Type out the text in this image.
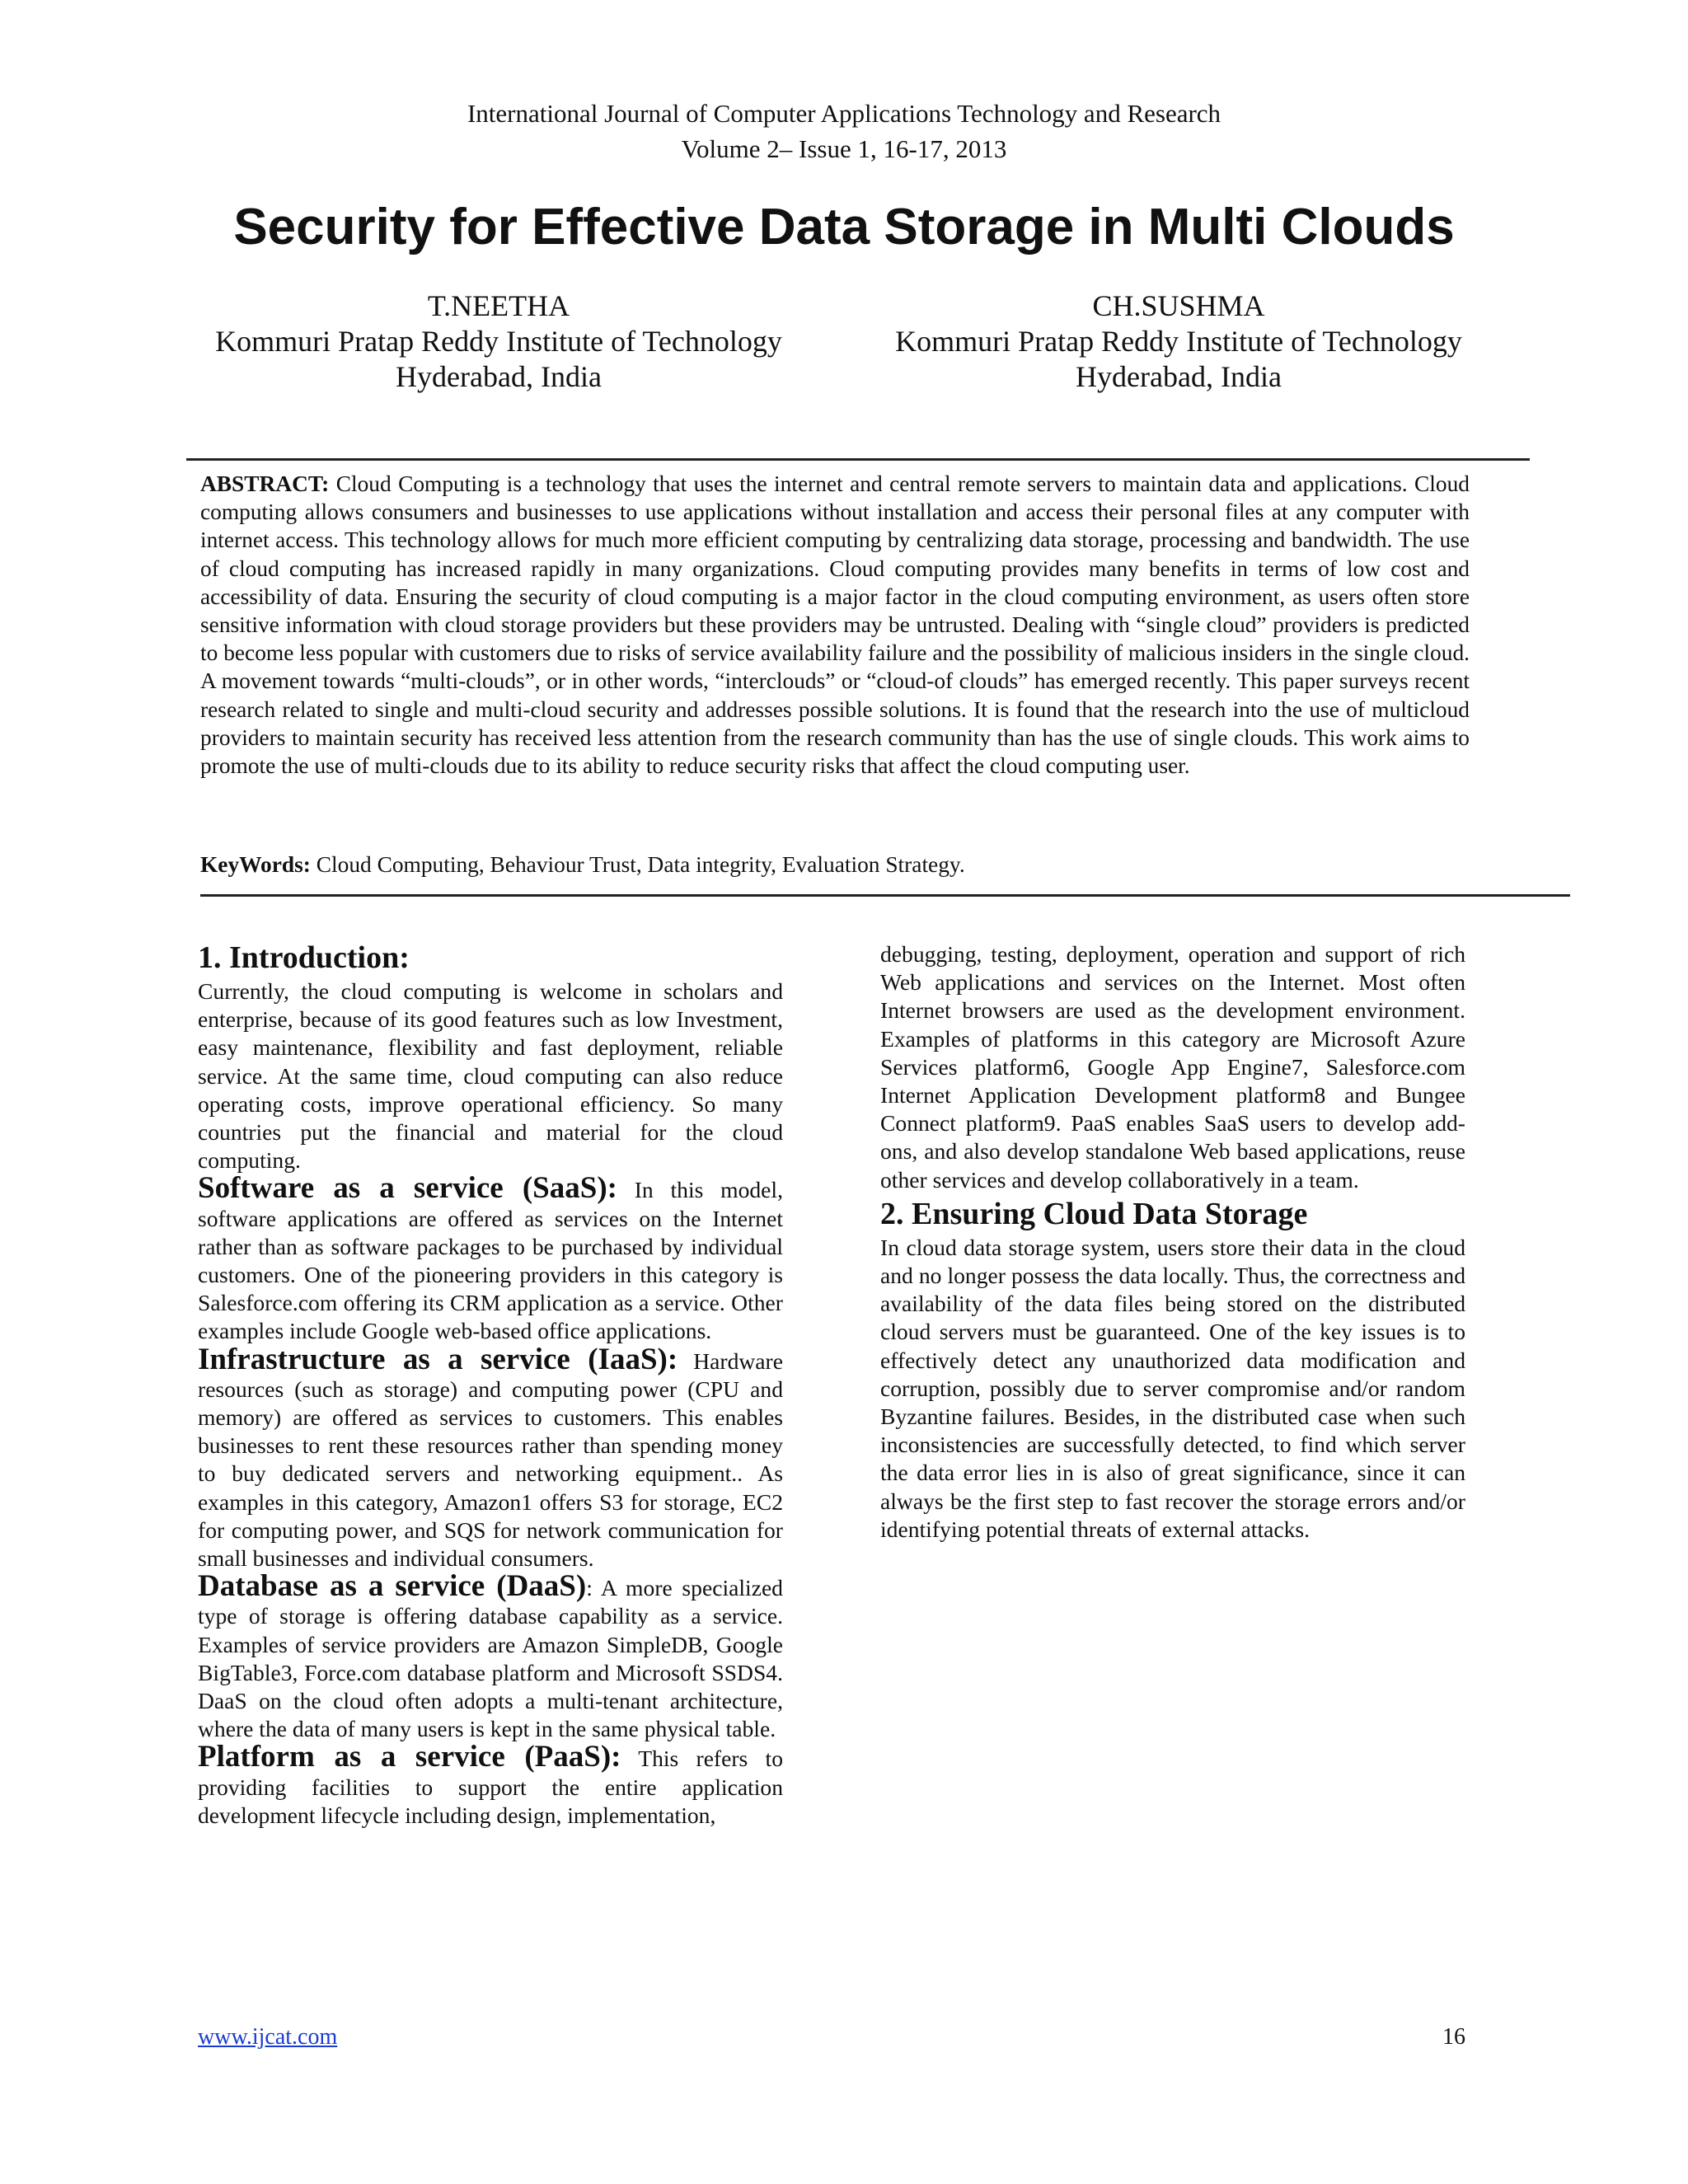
International Journal of Computer Applications Technology and Research
Volume 2– Issue 1, 16-17, 2013
Security for Effective Data Storage in Multi Clouds
T.NEETHA
Kommuri Pratap Reddy Institute of Technology
Hyderabad, India
CH.SUSHMA
Kommuri Pratap Reddy Institute of Technology
Hyderabad, India
ABSTRACT: Cloud Computing is a technology that uses the internet and central remote servers to maintain data and applications. Cloud computing allows consumers and businesses to use applications without installation and access their personal files at any computer with internet access. This technology allows for much more efficient computing by centralizing data storage, processing and bandwidth. The use of cloud computing has increased rapidly in many organizations. Cloud computing provides many benefits in terms of low cost and accessibility of data. Ensuring the security of cloud computing is a major factor in the cloud computing environment, as users often store sensitive information with cloud storage providers but these providers may be untrusted. Dealing with “single cloud” providers is predicted to become less popular with customers due to risks of service availability failure and the possibility of malicious insiders in the single cloud. A movement towards “multi-clouds”, or in other words, “interclouds” or “cloud-of clouds” has emerged recently. This paper surveys recent research related to single and multi-cloud security and addresses possible solutions. It is found that the research into the use of multicloud providers to maintain security has received less attention from the research community than has the use of single clouds. This work aims to promote the use of multi-clouds due to its ability to reduce security risks that affect the cloud computing user.
KeyWords: Cloud Computing, Behaviour Trust, Data integrity, Evaluation Strategy.

1. Introduction:

Currently, the cloud computing is welcome in scholars and enterprise, because of its good features such as low Investment, easy maintenance, flexibility and fast deployment, reliable service. At the same time, cloud computing can also reduce operating costs, improve operational efficiency. So many countries put the financial and material for the cloud computing.

Software as a service (SaaS): In this model, software applications are offered as services on the Internet rather than as software packages to be purchased by individual customers. One of the pioneering providers in this category is Salesforce.com offering its CRM application as a service. Other examples include Google web-based office applications.

Infrastructure as a service (IaaS): Hardware resources (such as storage) and computing power (CPU and memory) are offered as services to customers. This enables businesses to rent these resources rather than spending money to buy dedicated servers and networking equipment.. As examples in this category, Amazon1 offers S3 for storage, EC2 for computing power, and SQS for network communication for small businesses and individual consumers.

Database as a service (DaaS): A more specialized type of storage is offering database capability as a service. Examples of service providers are Amazon SimpleDB, Google BigTable3, Force.com database platform and Microsoft SSDS4. DaaS on the cloud often adopts a multi-tenant architecture, where the data of many users is kept in the same physical table.

Platform as a service (PaaS): This refers to providing facilities to support the entire application development lifecycle including design, implementation,

debugging, testing, deployment, operation and support of rich Web applications and services on the Internet. Most often Internet browsers are used as the development environment. Examples of platforms in this category are Microsoft Azure Services platform6, Google App Engine7, Salesforce.com Internet Application Development platform8 and Bungee Connect platform9. PaaS enables SaaS users to develop add-ons, and also develop standalone Web based applications, reuse other services and develop collaboratively in a team.

2. Ensuring Cloud Data Storage

In cloud data storage system, users store their data in the cloud and no longer possess the data locally. Thus, the correctness and availability of the data files being stored on the distributed cloud servers must be guaranteed. One of the key issues is to effectively detect any unauthorized data modification and corruption, possibly due to server compromise and/or random Byzantine failures. Besides, in the distributed case when such inconsistencies are successfully detected, to find which server the data error lies in is also of great significance, since it can always be the first step to fast recover the storage errors and/or identifying potential threats of external attacks.

www.ijcat.com	16
